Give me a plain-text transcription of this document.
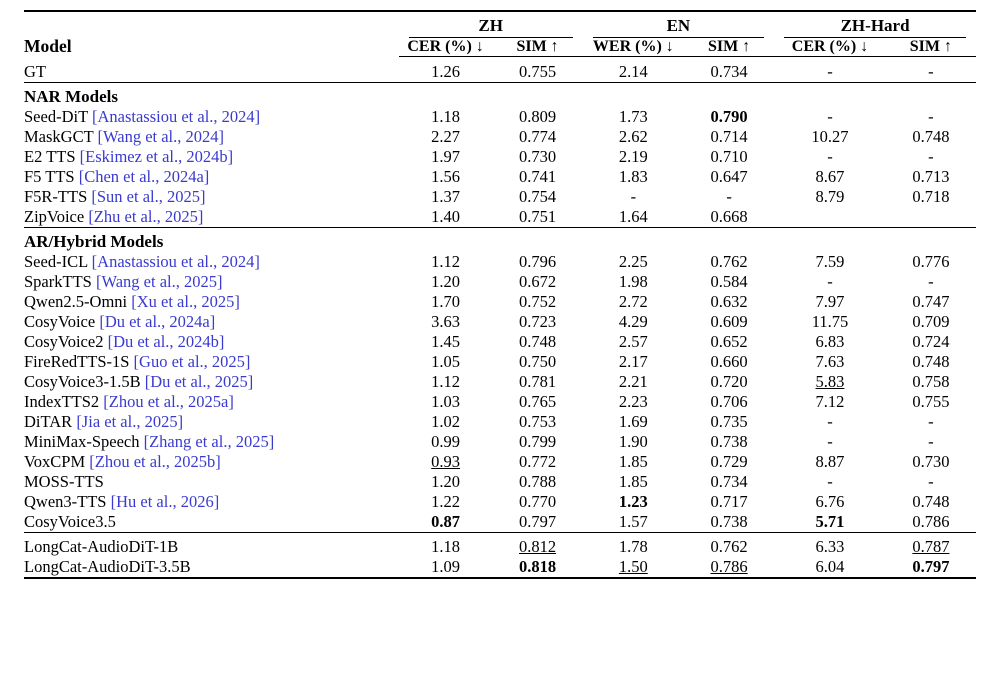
Model	ZH		EN		ZH-Hard	

	CER (%) ↓	SIM ↑	WER (%) ↓	SIM ↑	CER (%) ↓	SIM ↑
GT	1.26	0.755	2.14	0.734	-	-

NAR Models						
Seed-DiT [Anastassiou et al., 2024]	1.18	0.809	1.73	0.790	-	-
MaskGCT [Wang et al., 2024]	2.27	0.774	2.62	0.714	10.27	0.748
E2 TTS [Eskimez et al., 2024b]	1.97	0.730	2.19	0.710	-	-
F5 TTS [Chen et al., 2024a]	1.56	0.741	1.83	0.647	8.67	0.713
F5R-TTS [Sun et al., 2025]	1.37	0.754	-	-	8.79	0.718
ZipVoice [Zhu et al., 2025]	1.40	0.751	1.64	0.668		

AR/Hybrid Models						
Seed-ICL [Anastassiou et al., 2024]	1.12	0.796	2.25	0.762	7.59	0.776
SparkTTS [Wang et al., 2025]	1.20	0.672	1.98	0.584	-	-
Qwen2.5-Omni [Xu et al., 2025]	1.70	0.752	2.72	0.632	7.97	0.747
CosyVoice [Du et al., 2024a]	3.63	0.723	4.29	0.609	11.75	0.709
CosyVoice2 [Du et al., 2024b]	1.45	0.748	2.57	0.652	6.83	0.724
FireRedTTS-1S [Guo et al., 2025]	1.05	0.750	2.17	0.660	7.63	0.748
CosyVoice3-1.5B [Du et al., 2025]	1.12	0.781	2.21	0.720	5.83	0.758
IndexTTS2 [Zhou et al., 2025a]	1.03	0.765	2.23	0.706	7.12	0.755
DiTAR [Jia et al., 2025]	1.02	0.753	1.69	0.735	-	-
MiniMax-Speech [Zhang et al., 2025]	0.99	0.799	1.90	0.738	-	-
VoxCPM [Zhou et al., 2025b]	0.93	0.772	1.85	0.729	8.87	0.730
MOSS-TTS	1.20	0.788	1.85	0.734	-	-
Qwen3-TTS [Hu et al., 2026]	1.22	0.770	1.23	0.717	6.76	0.748
CosyVoice3.5	0.87	0.797	1.57	0.738	5.71	0.786

LongCat-AudioDiT-1B	1.18	0.812	1.78	0.762	6.33	0.787
LongCat-AudioDiT-3.5B	1.09	0.818	1.50	0.786	6.04	0.797
